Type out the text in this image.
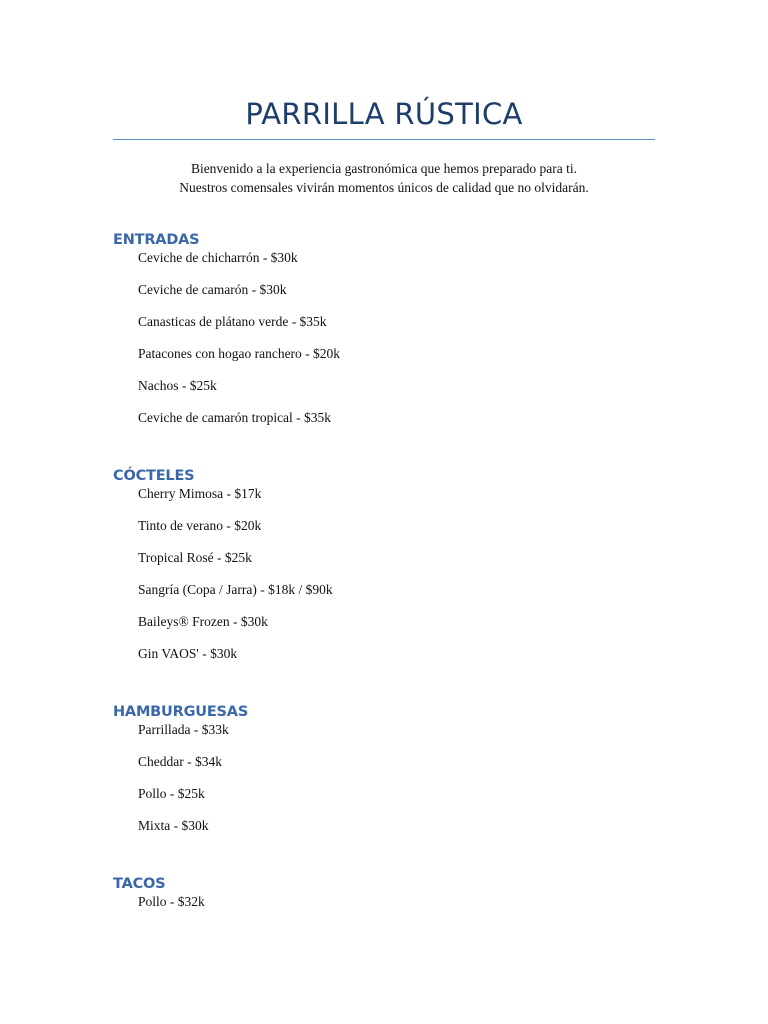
PARRILLA RÚSTICA
Bienvenido a la experiencia gastronómica que hemos preparado para ti.
Nuestros comensales vivirán momentos únicos de calidad que no olvidarán.
ENTRADAS
Ceviche de chicharrón - $30k
Ceviche de camarón - $30k
Canasticas de plátano verde - $35k
Patacones con hogao ranchero - $20k
Nachos - $25k
Ceviche de camarón tropical - $35k
CÓCTELES
Cherry Mimosa - $17k
Tinto de verano - $20k
Tropical Rosé - $25k
Sangría (Copa / Jarra) - $18k / $90k
Baileys® Frozen - $30k
Gin VAOS' - $30k
HAMBURGUESAS
Parrillada - $33k
Cheddar - $34k
Pollo - $25k
Mixta - $30k
TACOS
Pollo - $32k
